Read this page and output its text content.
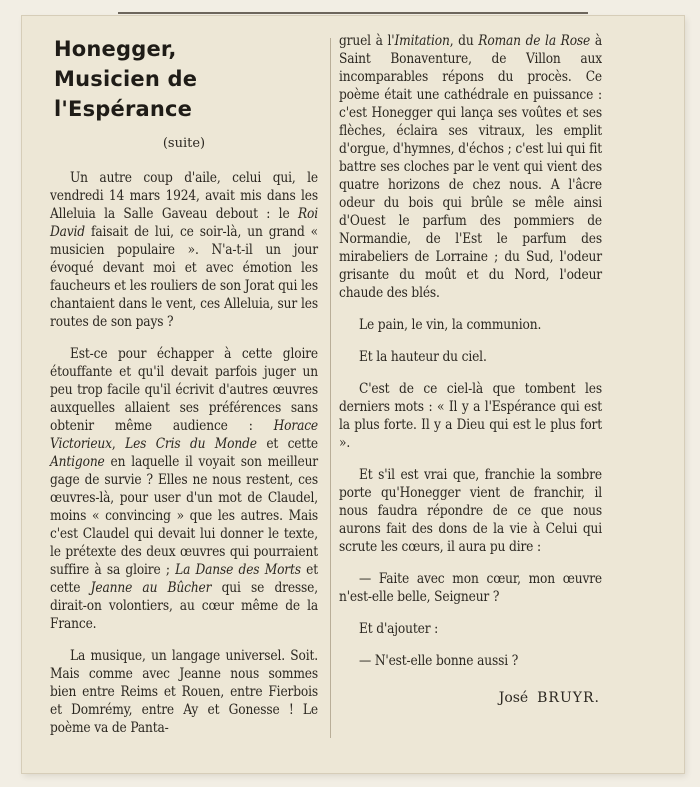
Honegger,
Musicien de l'Espérance
(suite)

Un autre coup d'aile, celui qui, le vendredi 14 mars 1924, avait mis dans les Alleluia la Salle Gaveau debout : le Roi David faisait de lui, ce soir-là, un grand « musicien populaire ». N'a-t-il un jour évoqué devant moi et avec émotion les faucheurs et les rouliers de son Jorat qui les chantaient dans le vent, ces Alleluia, sur les routes de son pays ?

Est-ce pour échapper à cette gloire étouffante et qu'il devait parfois juger un peu trop facile qu'il écrivit d'autres œuvres auxquelles allaient ses préférences sans obtenir même audience : Horace Victorieux, Les Cris du Monde et cette Antigone en laquelle il voyait son meilleur gage de survie ? Elles ne nous restent, ces œuvres-là, pour user d'un mot de Claudel, moins « convincing » que les autres. Mais c'est Claudel qui devait lui donner le texte, le prétexte des deux œuvres qui pourraient suffire à sa gloire ; La Danse des Morts et cette Jeanne au Bûcher qui se dresse, dirait-on volontiers, au cœur même de la France.

La musique, un langage universel. Soit. Mais comme avec Jeanne nous sommes bien entre Reims et Rouen, entre Fierbois et Domrémy, entre Ay et Gonesse ! Le poème va de Panta-

gruel à l'Imitation, du Roman de la Rose à Saint Bonaventure, de Villon aux incomparables répons du procès. Ce poème était une cathédrale en puissance : c'est Honegger qui lança ses voûtes et ses flèches, éclaira ses vitraux, les emplit d'orgue, d'hymnes, d'échos ; c'est lui qui fit battre ses cloches par le vent qui vient des quatre horizons de chez nous. A l'âcre odeur du bois qui brûle se mêle ainsi d'Ouest le parfum des pommiers de Normandie, de l'Est le parfum des mirabeliers de Lorraine ; du Sud, l'odeur grisante du moût et du Nord, l'odeur chaude des blés.

Le pain, le vin, la communion.

Et la hauteur du ciel.

C'est de ce ciel-là que tombent les derniers mots : « Il y a l'Espérance qui est la plus forte. Il y a Dieu qui est le plus fort ».

Et s'il est vrai que, franchie la sombre porte qu'Honegger vient de franchir, il nous faudra répondre de ce que nous aurons fait des dons de la vie à Celui qui scrute les cœurs, il aura pu dire :

— Faite avec mon cœur, mon œuvre n'est-elle belle, Seigneur ?

Et d'ajouter :

— N'est-elle bonne aussi ?

José BRUYR.
